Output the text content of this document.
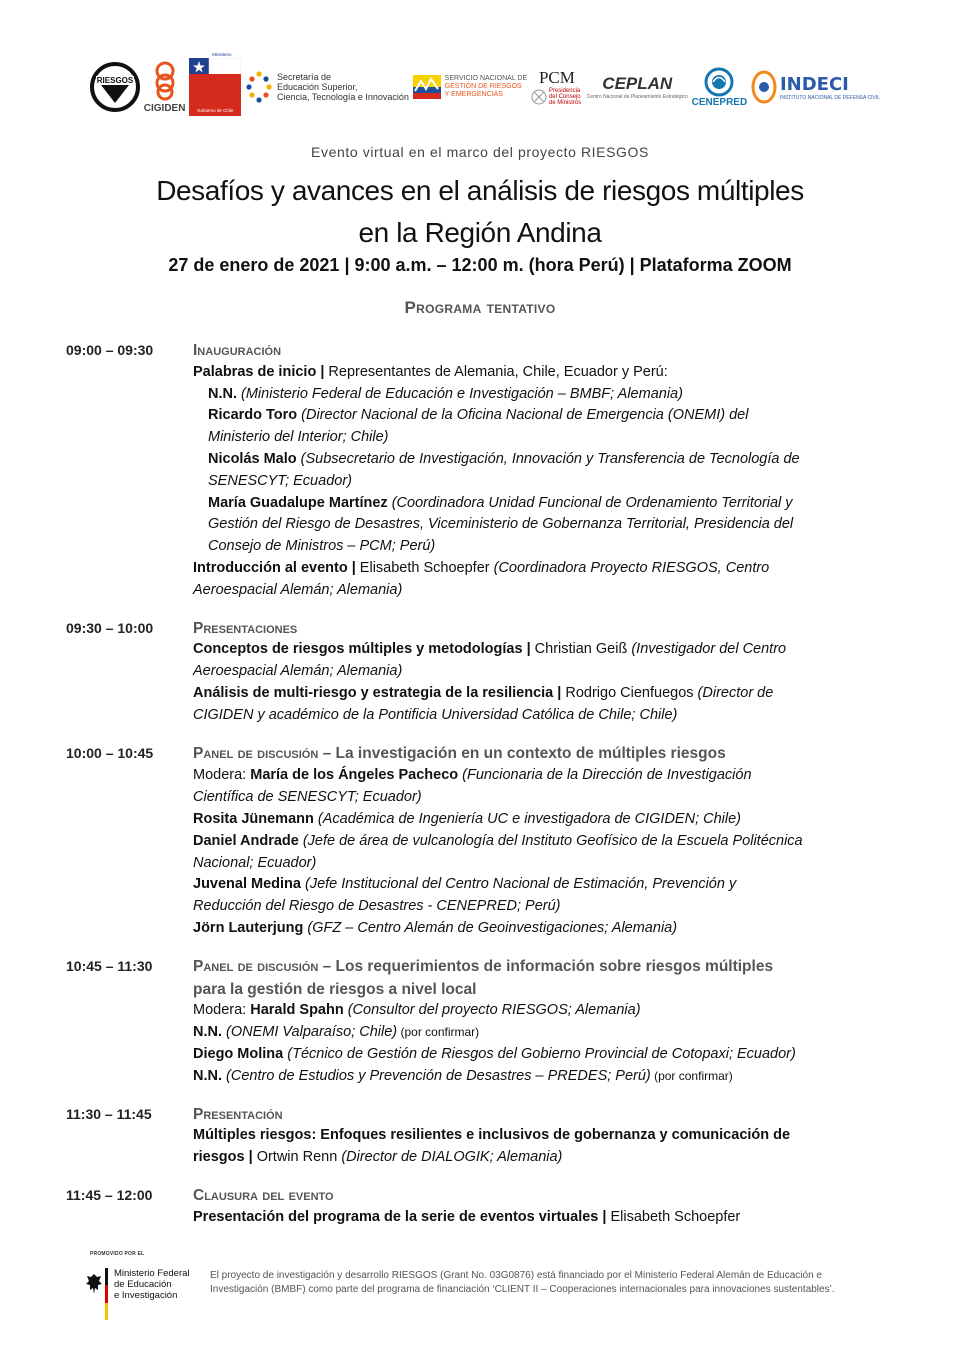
RIESGOS
CIGIDEN
Ministerio
del Interior y
Seguridad Pública
Gobierno de Chile
Secretaría de
Educación Superior,
Ciencia, Tecnología e Innovación
SERVICIO NACIONAL DE
GESTIÓN DE RIESGOS
Y EMERGENCIAS
PCM
Presidencia del Consejo de Ministros
CEPLAN
Centro Nacional de Planeamiento Estratégico CENEPRED
INDECI
INSTITUTO NACIONAL DE DEFENSA CIVIL
Evento virtual en el marco del proyecto RIESGOS
Desafíos y avances en el análisis de riesgos múltiples
en la Región Andina
27 de enero de 2021 | 9:00 a.m. – 12:00 m. (hora Perú) | Plataforma ZOOM
Programa tentativo
09:00 – 09:30	Inauguración

Palabras de inicio | Representantes de Alemania, Chile, Ecuador y Perú:

N.N. (Ministerio Federal de Educación e Investigación – BMBF; Alemania)

Ricardo Toro (Director Nacional de la Oficina Nacional de Emergencia (ONEMI) del

Ministerio del Interior; Chile)

Nicolás Malo (Subsecretario de Investigación, Innovación y Transferencia de Tecnología de

SENESCYT; Ecuador)

María Guadalupe Martínez (Coordinadora Unidad Funcional de Ordenamiento Territorial y

Gestión del Riesgo de Desastres, Viceministerio de Gobernanza Territorial, Presidencia del

Consejo de Ministros – PCM; Perú)

Introducción al evento | Elisabeth Schoepfer (Coordinadora Proyecto RIESGOS, Centro

Aeroespacial Alemán; Alemania)

09:30 – 10:00	Presentaciones

Conceptos de riesgos múltiples y metodologías | Christian Geiß (Investigador del Centro

Aeroespacial Alemán; Alemania)

Análisis de multi-riesgo y estrategia de la resiliencia | Rodrigo Cienfuegos (Director de

CIGIDEN y académico de la Pontificia Universidad Católica de Chile; Chile)

10:00 – 10:45	Panel de discusión – La investigación en un contexto de múltiples riesgos

Modera: María de los Ángeles Pacheco (Funcionaria de la Dirección de Investigación

Científica de SENESCYT; Ecuador)

Rosita Jünemann (Académica de Ingeniería UC e investigadora de CIGIDEN; Chile)

Daniel Andrade (Jefe de área de vulcanología del Instituto Geofísico de la Escuela Politécnica

Nacional; Ecuador)

Juvenal Medina (Jefe Institucional del Centro Nacional de Estimación, Prevención y

Reducción del Riesgo de Desastres - CENEPRED; Perú)

Jörn Lauterjung (GFZ – Centro Alemán de Geoinvestigaciones; Alemania)

10:45 – 11:30	Panel de discusión – Los requerimientos de información sobre riesgos múltiples
para la gestión de riesgos a nivel local

Modera: Harald Spahn (Consultor del proyecto RIESGOS; Alemania)

N.N. (ONEMI Valparaíso; Chile) (por confirmar)

Diego Molina (Técnico de Gestión de Riesgos del Gobierno Provincial de Cotopaxi; Ecuador)

N.N. (Centro de Estudios y Prevención de Desastres – PREDES; Perú) (por confirmar)

11:30 – 11:45	Presentación

Múltiples riesgos: Enfoques resilientes e inclusivos de gobernanza y comunicación de

riesgos | Ortwin Renn (Director de DIALOGIK; Alemania)

11:45 – 12:00	Clausura del evento

Presentación del programa de la serie de eventos virtuales | Elisabeth Schoepfer

PROMOVIDO POR EL
Ministerio Federal
de Educación
e Investigación
El proyecto de investigación y desarrollo RIESGOS (Grant No. 03G0876) está financiado por el Ministerio Federal Alemán de Educación e
Investigación (BMBF) como parte del programa de financiación ‘CLIENT II – Cooperaciones internacionales para innovaciones sustentables’.
